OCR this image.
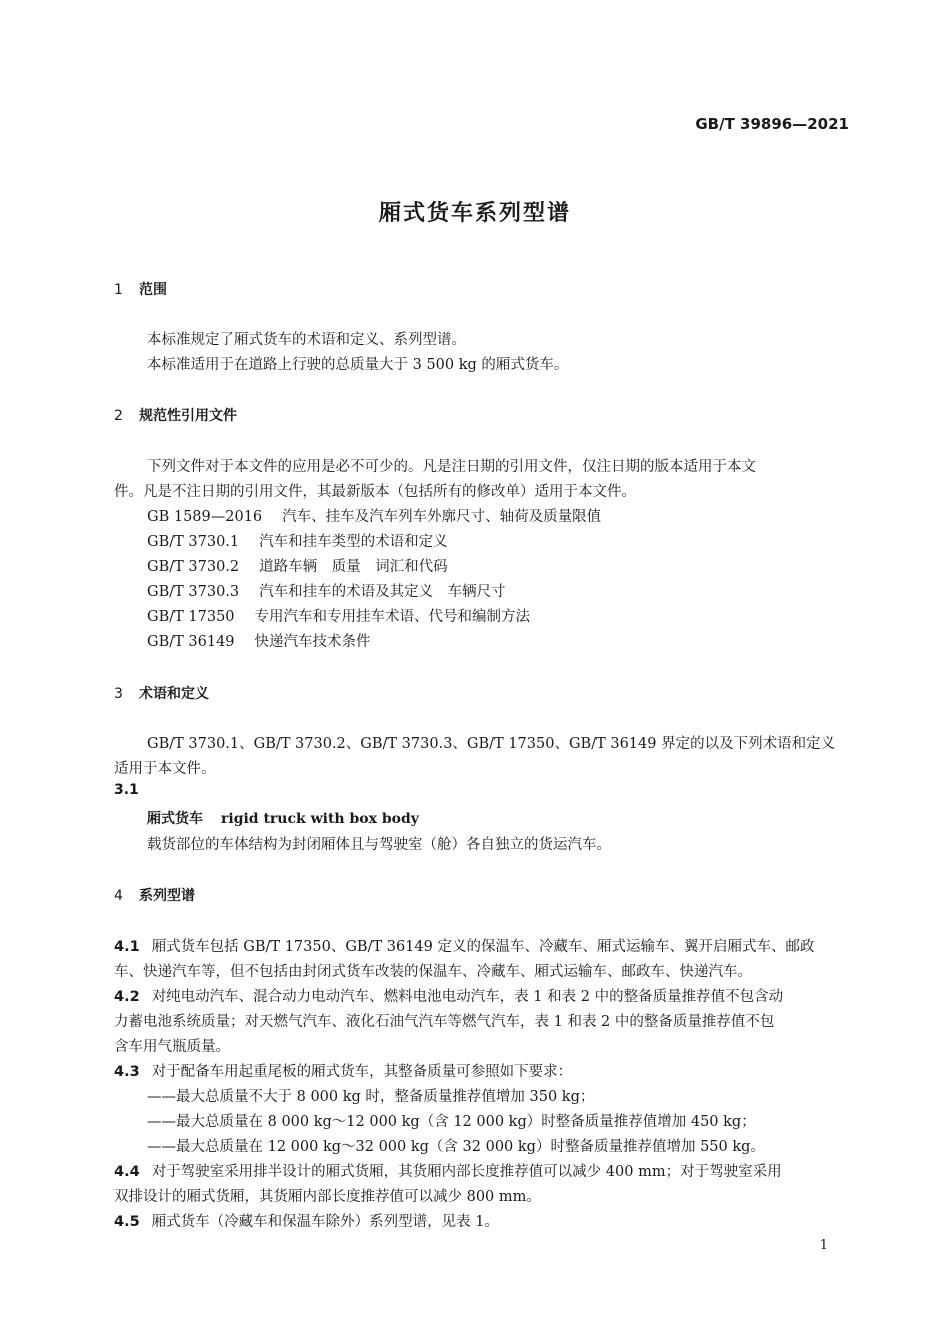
GB/T 39896—2021
厢式货车系列型谱
1 范围
本标准规定了厢式货车的术语和定义、系列型谱。
本标准适用于在道路上行驶的总质量大于 3 500 kg 的厢式货车。
2 规范性引用文件
下列文件对于本文件的应用是必不可少的。凡是注日期的引用文件，仅注日期的版本适用于本文
件。凡是不注日期的引用文件，其最新版本（包括所有的修改单）适用于本文件。
GB 1589—2016 汽车、挂车及汽车列车外廓尺寸、轴荷及质量限值
GB/T 3730.1 汽车和挂车类型的术语和定义
GB/T 3730.2 道路车辆　质量　词汇和代码
GB/T 3730.3 汽车和挂车的术语及其定义　车辆尺寸
GB/T 17350 专用汽车和专用挂车术语、代号和编制方法
GB/T 36149 快递汽车技术条件
3 术语和定义
GB/T 3730.1、GB/T 3730.2、GB/T 3730.3、GB/T 17350、GB/T 36149 界定的以及下列术语和定义
适用于本文件。
3.1
厢式货车 rigid truck with box body
载货部位的车体结构为封闭厢体且与驾驶室（舱）各自独立的货运汽车。
4 系列型谱
4.1 厢式货车包括 GB/T 17350、GB/T 36149 定义的保温车、冷藏车、厢式运输车、翼开启厢式车、邮政
车、快递汽车等，但不包括由封闭式货车改装的保温车、冷藏车、厢式运输车、邮政车、快递汽车。
4.2 对纯电动汽车、混合动力电动汽车、燃料电池电动汽车，表 1 和表 2 中的整备质量推荐值不包含动
力蓄电池系统质量；对天燃气汽车、液化石油气汽车等燃气汽车，表 1 和表 2 中的整备质量推荐值不包
含车用气瓶质量。
4.3 对于配备车用起重尾板的厢式货车，其整备质量可参照如下要求：
——最大总质量不大于 8 000 kg 时，整备质量推荐值增加 350 kg；
——最大总质量在 8 000 kg～12 000 kg（含 12 000 kg）时整备质量推荐值增加 450 kg；
——最大总质量在 12 000 kg～32 000 kg（含 32 000 kg）时整备质量推荐值增加 550 kg。
4.4 对于驾驶室采用排半设计的厢式货厢，其货厢内部长度推荐值可以减少 400 mm；对于驾驶室采用
双排设计的厢式货厢，其货厢内部长度推荐值可以减少 800 mm。
4.5 厢式货车（冷藏车和保温车除外）系列型谱，见表 1。
1
